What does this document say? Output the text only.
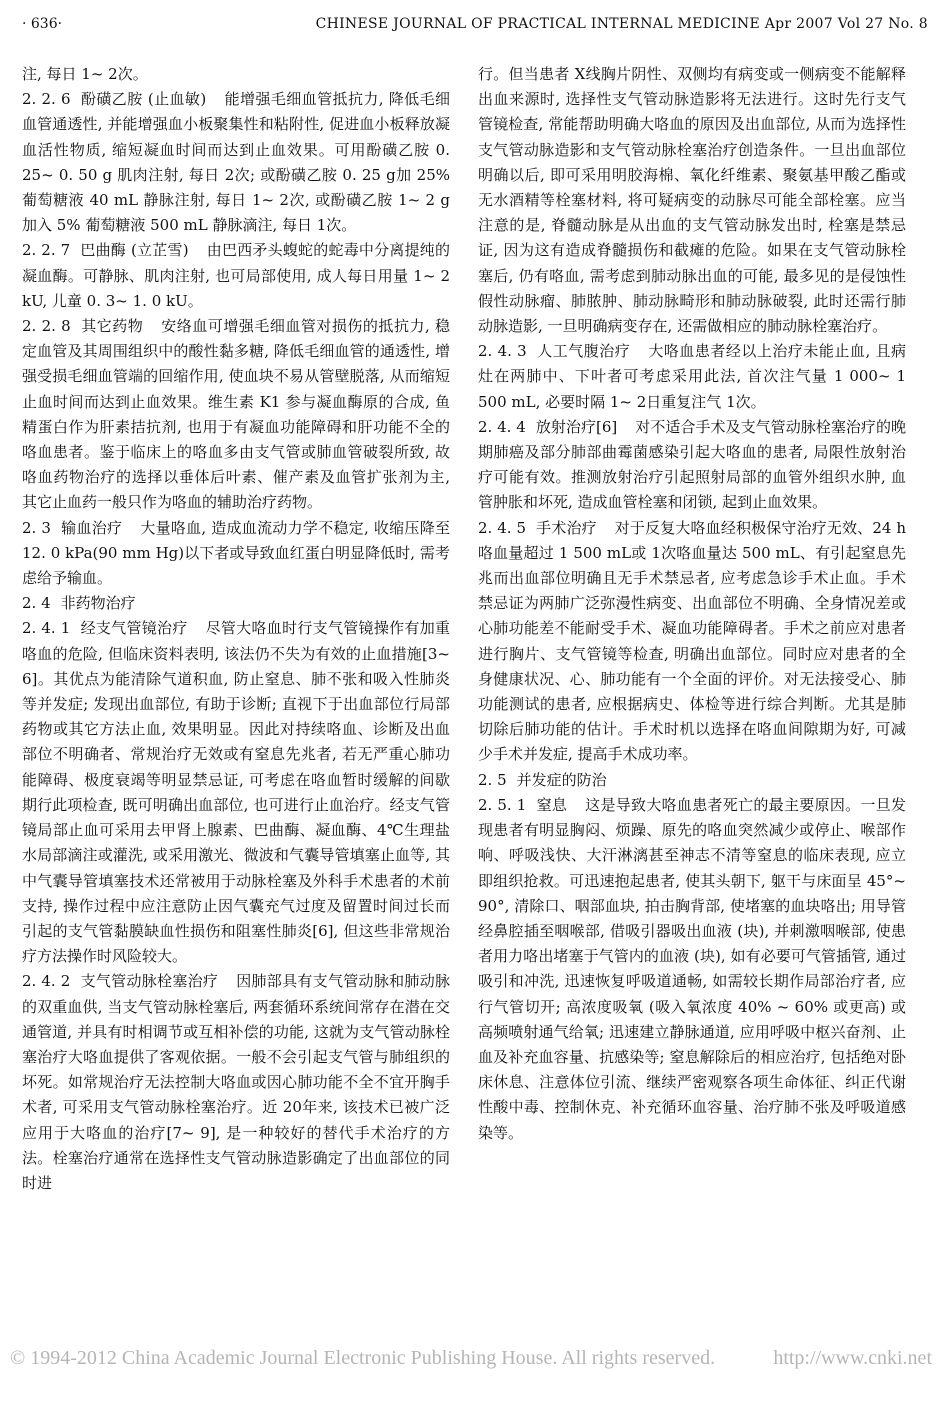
· 636·	CHINESE JOURNAL OF PRACTICAL INTERNAL MEDICINE Apr 2007 Vol 27 No. 8

注, 每日 1~ 2次。

2. 2. 6 酚磺乙胺 (止血敏) 能增强毛细血管抵抗力, 降低毛细血管通透性, 并能增强血小板聚集性和粘附性, 促进血小板释放凝血活性物质, 缩短凝血时间而达到止血效果。可用酚磺乙胺 0. 25~ 0. 50 g 肌肉注射, 每日 2次; 或酚磺乙胺 0. 25 g加 25% 葡萄糖液 40 mL 静脉注射, 每日 1~ 2次, 或酚磺乙胺 1~ 2 g加入 5% 葡萄糖液 500 mL 静脉滴注, 每日 1次。

2. 2. 7 巴曲酶 (立芷雪) 由巴西矛头蝮蛇的蛇毒中分离提纯的凝血酶。可静脉、肌肉注射, 也可局部使用, 成人每日用量 1~ 2 kU, 儿童 0. 3~ 1. 0 kU。

2. 2. 8 其它药物 安络血可增强毛细血管对损伤的抵抗力, 稳定血管及其周围组织中的酸性黏多糖, 降低毛细血管的通透性, 增强受损毛细血管端的回缩作用, 使血块不易从管壁脱落, 从而缩短止血时间而达到止血效果。维生素 K1 参与凝血酶原的合成, 鱼精蛋白作为肝素拮抗剂, 也用于有凝血功能障碍和肝功能不全的咯血患者。鉴于临床上的咯血多由支气管或肺血管破裂所致, 故咯血药物治疗的选择以垂体后叶素、催产素及血管扩张剂为主, 其它止血药一般只作为咯血的辅助治疗药物。

2. 3 输血治疗 大量咯血, 造成血流动力学不稳定, 收缩压降至 12. 0 kPa(90 mm Hg)以下者或导致血红蛋白明显降低时, 需考虑给予输血。

2. 4 非药物治疗

2. 4. 1 经支气管镜治疗 尽管大咯血时行支气管镜操作有加重咯血的危险, 但临床资料表明, 该法仍不失为有效的止血措施[3~ 6]。其优点为能清除气道积血, 防止窒息、肺不张和吸入性肺炎等并发症; 发现出血部位, 有助于诊断; 直视下于出血部位行局部药物或其它方法止血, 效果明显。因此对持续咯血、诊断及出血部位不明确者、常规治疗无效或有窒息先兆者, 若无严重心肺功能障碍、极度衰竭等明显禁忌证, 可考虑在咯血暂时缓解的间歇期行此项检查, 既可明确出血部位, 也可进行止血治疗。经支气管镜局部止血可采用去甲肾上腺素、巴曲酶、凝血酶、4℃生理盐水局部滴注或灌洗, 或采用激光、微波和气囊导管填塞止血等, 其中气囊导管填塞技术还常被用于动脉栓塞及外科手术患者的术前支持, 操作过程中应注意防止因气囊充气过度及留置时间过长而引起的支气管黏膜缺血性损伤和阻塞性肺炎[6], 但这些非常规治疗方法操作时风险较大。

2. 4. 2 支气管动脉栓塞治疗 因肺部具有支气管动脉和肺动脉的双重血供, 当支气管动脉栓塞后, 两套循环系统间常存在潜在交通管道, 并具有时相调节或互相补偿的功能, 这就为支气管动脉栓塞治疗大咯血提供了客观依据。一般不会引起支气管与肺组织的坏死。如常规治疗无法控制大咯血或因心肺功能不全不宜开胸手术者, 可采用支气管动脉栓塞治疗。近 20年来, 该技术已被广泛应用于大咯血的治疗[7~ 9], 是一种较好的替代手术治疗的方法。栓塞治疗通常在选择性支气管动脉造影确定了出血部位的同时进

行。但当患者 X线胸片阴性、双侧均有病变或一侧病变不能解释出血来源时, 选择性支气管动脉造影将无法进行。这时先行支气管镜检查, 常能帮助明确大咯血的原因及出血部位, 从而为选择性支气管动脉造影和支气管动脉栓塞治疗创造条件。一旦出血部位明确以后, 即可采用明胶海棉、氧化纤维素、聚氨基甲酸乙酯或无水酒精等栓塞材料, 将可疑病变的动脉尽可能全部栓塞。应当注意的是, 脊髓动脉是从出血的支气管动脉发出时, 栓塞是禁忌证, 因为这有造成脊髓损伤和截瘫的危险。如果在支气管动脉栓塞后, 仍有咯血, 需考虑到肺动脉出血的可能, 最多见的是侵蚀性假性动脉瘤、肺脓肿、肺动脉畸形和肺动脉破裂, 此时还需行肺动脉造影, 一旦明确病变存在, 还需做相应的肺动脉栓塞治疗。

2. 4. 3 人工气腹治疗 大咯血患者经以上治疗未能止血, 且病灶在两肺中、下叶者可考虑采用此法, 首次注气量 1 000~ 1 500 mL, 必要时隔 1~ 2日重复注气 1次。

2. 4. 4 放射治疗[6] 对不适合手术及支气管动脉栓塞治疗的晚期肺癌及部分肺部曲霉菌感染引起大咯血的患者, 局限性放射治疗可能有效。推测放射治疗引起照射局部的血管外组织水肿, 血管肿胀和坏死, 造成血管栓塞和闭锁, 起到止血效果。

2. 4. 5 手术治疗 对于反复大咯血经积极保守治疗无效、24 h咯血量超过 1 500 mL或 1次咯血量达 500 mL、有引起窒息先兆而出血部位明确且无手术禁忌者, 应考虑急诊手术止血。手术禁忌证为两肺广泛弥漫性病变、出血部位不明确、全身情况差或心肺功能差不能耐受手术、凝血功能障碍者。手术之前应对患者进行胸片、支气管镜等检查, 明确出血部位。同时应对患者的全身健康状况、心、肺功能有一个全面的评价。对无法接受心、肺功能测试的患者, 应根据病史、体检等进行综合判断。尤其是肺切除后肺功能的估计。手术时机以选择在咯血间隙期为好, 可减少手术并发症, 提高手术成功率。

2. 5 并发症的防治

2. 5. 1 窒息 这是导致大咯血患者死亡的最主要原因。一旦发现患者有明显胸闷、烦躁、原先的咯血突然减少或停止、喉部作响、呼吸浅快、大汗淋漓甚至神志不清等窒息的临床表现, 应立即组织抢救。可迅速抱起患者, 使其头朝下, 躯干与床面呈 45°~ 90°, 清除口、咽部血块, 拍击胸背部, 使堵塞的血块咯出; 用导管经鼻腔插至咽喉部, 借吸引器吸出血液 (块), 并刺激咽喉部, 使患者用力咯出堵塞于气管内的血液 (块), 如有必要可气管插管, 通过吸引和冲洗, 迅速恢复呼吸道通畅, 如需较长期作局部治疗者, 应行气管切开; 高浓度吸氧 (吸入氧浓度 40% ~ 60% 或更高) 或高频喷射通气给氧; 迅速建立静脉通道, 应用呼吸中枢兴奋剂、止血及补充血容量、抗感染等; 窒息解除后的相应治疗, 包括绝对卧床休息、注意体位引流、继续严密观察各项生命体征、纠正代谢性酸中毒、控制休克、补充循环血容量、治疗肺不张及呼吸道感染等。

© 1994-2012 China Academic Journal Electronic Publishing House. All rights reserved.	http://www.cnki.net
